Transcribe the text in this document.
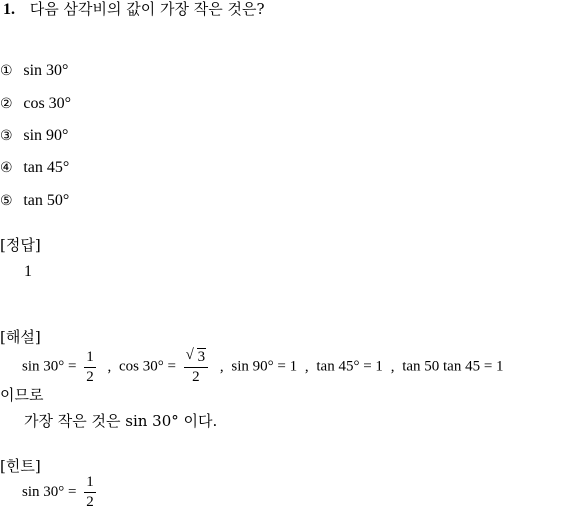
1. 다음 삼각비의 값이 가장 작은 것은?
① sin 30°
② cos 30°
③ sin 90°
④ tan 45°
⑤ tan 50°
[정답]
1
[해설]
$\sin 30^\circ = \frac{1}{2}$ , cos 30° =
√ $\frac{3}{2}$ , sin 90° = 1 , tan 45° = 1 , tan 50 tan 45 = 1
이므로
가장 작은 것은 sin 30° 이다.
[힌트]
$\sin 30^\circ = \frac{1}{2}$
